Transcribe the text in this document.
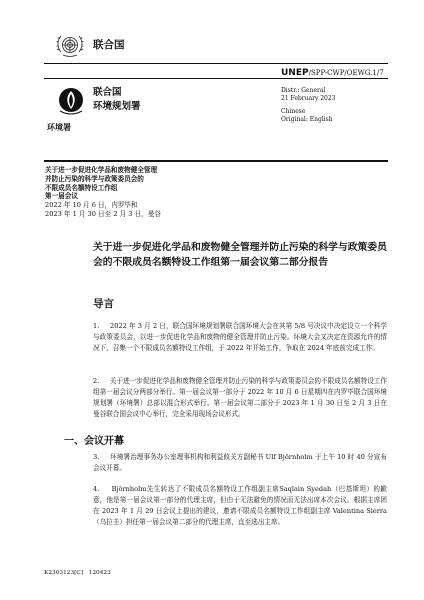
联合国
UNEP/SPP-CWP/OEWG.1/7
环境署
联合国
环境规划署
Distr.: General
21 February 2023
Chinese
Original: English
关于进一步促进化学品和废物健全管理
并防止污染的科学与政策委员会的
不限成员名额特设工作组
第一届会议
2022 年 10 月 6 日，内罗毕和
2023 年 1 月 30 日至 2 月 3 日，曼谷
关于进一步促进化学品和废物健全管理并防止污染的科学与政策委员会的不限成员名额特设工作组第一届会议第二部分报告
导言
1.     2022 年 3 月 2 日，联合国环境规划署联合国环境大会在其第 5/8 号决议中决定设立一个科学与政策委员会，以进一步促进化学品和废物的健全管理并防止污染。环境大会又决定在资源允许的情况下，召集一个不限成员名额特设工作组，于 2022 年开始工作，争取在 2024 年底前完成工作。
2.     关于进一步促进化学品和废物健全管理并防止污染的科学与政策委员会的不限成员名额特设工作组第一届会议分两部分举行。第一届会议第一部分于 2022 年 10 月 6 日星期四在内罗毕联合国环境规划署（环境署）总部以混合形式举行。第一届会议第二部分于 2023 年 1 月 30 日至 2 月 3 日在曼谷联合国会议中心举行，完全采用现场会议形式。
一、会议开幕
3.     环境署治理事务办公室理事机构和利益攸关方副秘书 Ulf Björnholm 于上午 10 时 40 分宣布会议开幕。
4.     Björnholm先生转达了不限成员名额特设工作组副主席Saqlain Syedah（巴基斯坦）的歉意，他是第一届会议第一部分的代理主席，但由于无法避免的情况而无法出席本次会议。根据主席团在 2023 年 1 月 29 日会议上提出的建议，邀请不限成员名额特设工作组副主席 Valentina Sierra（乌拉圭）担任第一届会议第二部分的代理主席，直至选出主席。
K2303123[C]   120423
